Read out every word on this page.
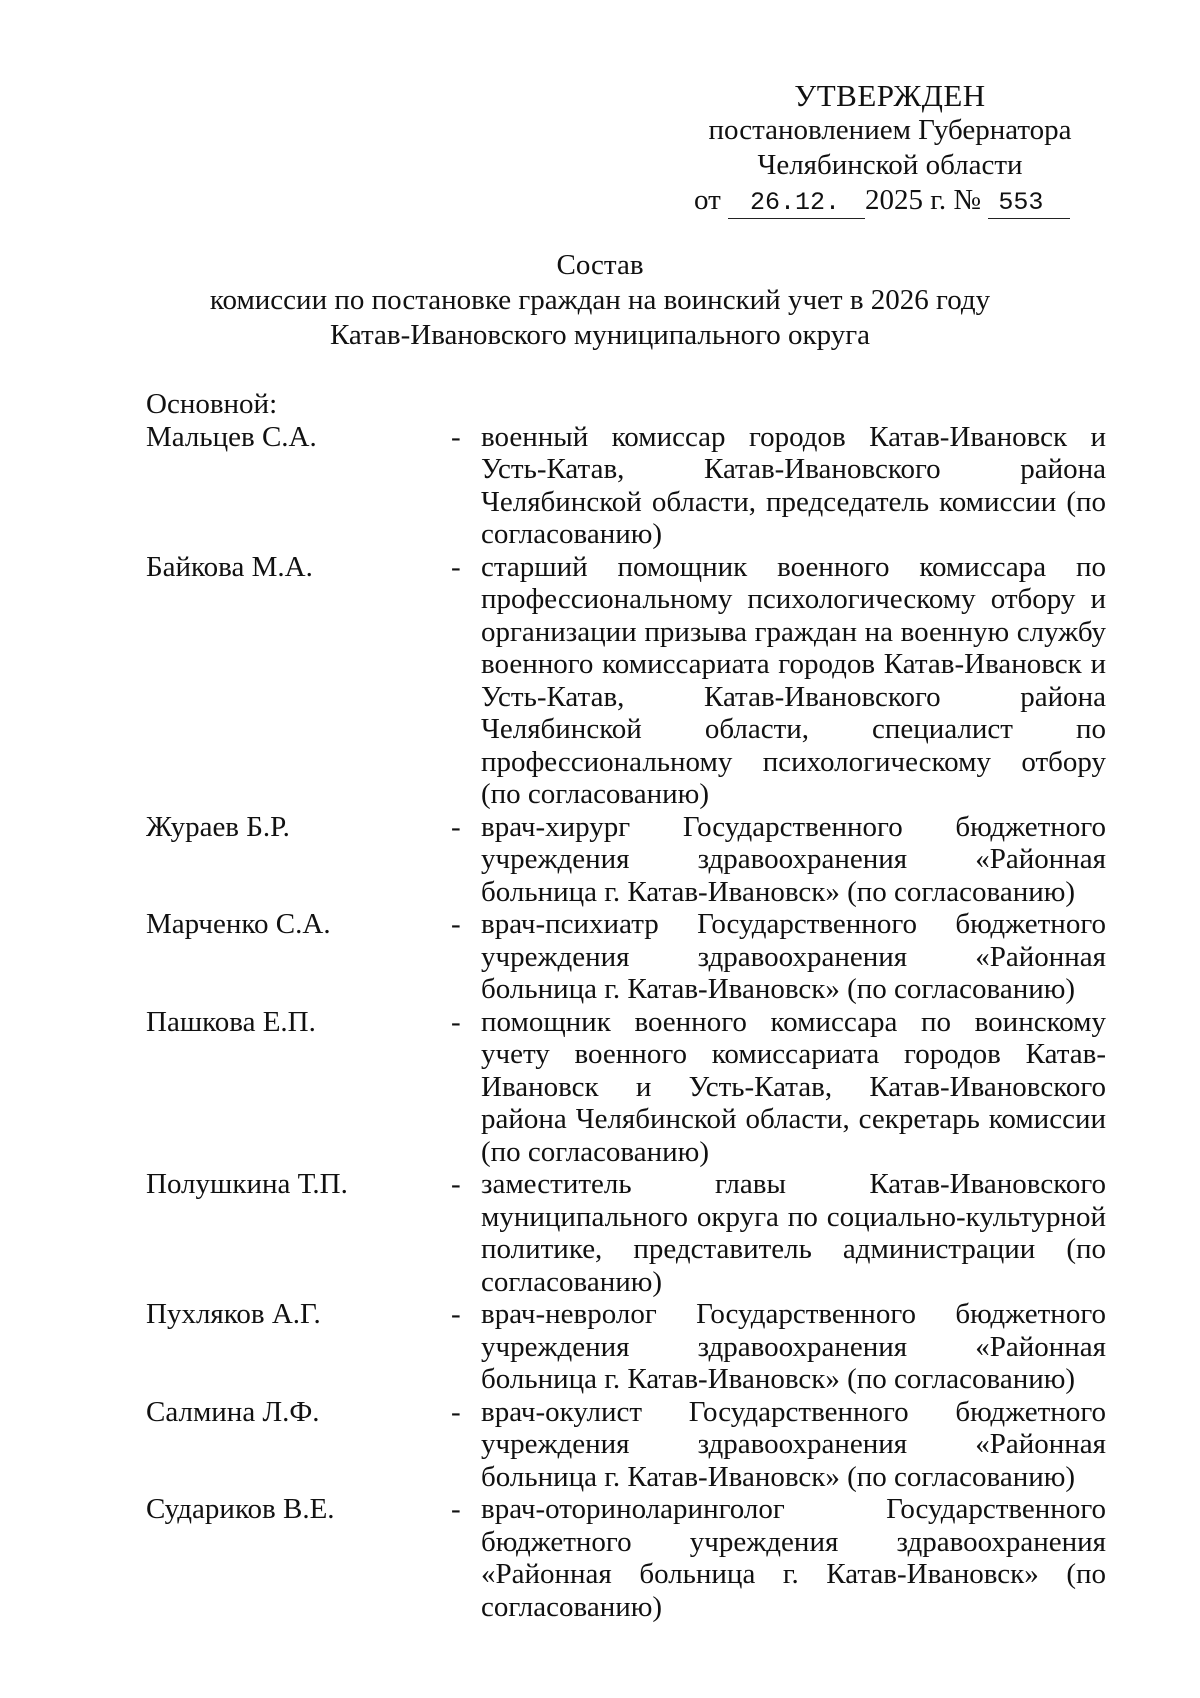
УТВЕРЖДЕН
постановлением Губернатора
Челябинской области
от 26.12. 2025 г. № 553
Состав
комиссии по постановке граждан на воинский учет в 2026 году
Катав-Ивановского муниципального округа
Основной:
Мальцев С.А.	- военный комиссар городов Катав-Ивановск и Усть-Катав, Катав-Ивановского района Челябинской области, председатель комиссии (по согласованию)
Байкова М.А.	- старший помощник военного комиссара по профессиональному психологическому отбору и организации призыва граждан на военную службу военного комиссариата городов Катав-Ивановск и Усть-Катав, Катав-Ивановского района Челябинской области, специалист по профессиональному психологическому отбору (по согласованию)
Жураев Б.Р.	- врач-хирург Государственного бюджетного учреждения здравоохранения «Районная больница г. Катав-Ивановск» (по согласованию)
Марченко С.А.	- врач-психиатр Государственного бюджетного учреждения здравоохранения «Районная больница г. Катав-Ивановск» (по согласованию)
Пашкова Е.П.	- помощник военного комиссара по воинскому учету военного комиссариата городов Катав-Ивановск и Усть-Катав, Катав-Ивановского района Челябинской области, секретарь комиссии (по согласованию)
Полушкина Т.П.	- заместитель главы Катав-Ивановского муниципального округа по социально-культурной политике, представитель администрации (по согласованию)
Пухляков А.Г.	- врач-невролог Государственного бюджетного учреждения здравоохранения «Районная больница г. Катав-Ивановск» (по согласованию)
Салмина Л.Ф.	- врач-окулист Государственного бюджетного учреждения здравоохранения «Районная больница г. Катав-Ивановск» (по согласованию)
Судариков В.Е.	- врач-оториноларинголог Государственного бюджетного учреждения здравоохранения «Районная больница г. Катав-Ивановск» (по согласованию)
